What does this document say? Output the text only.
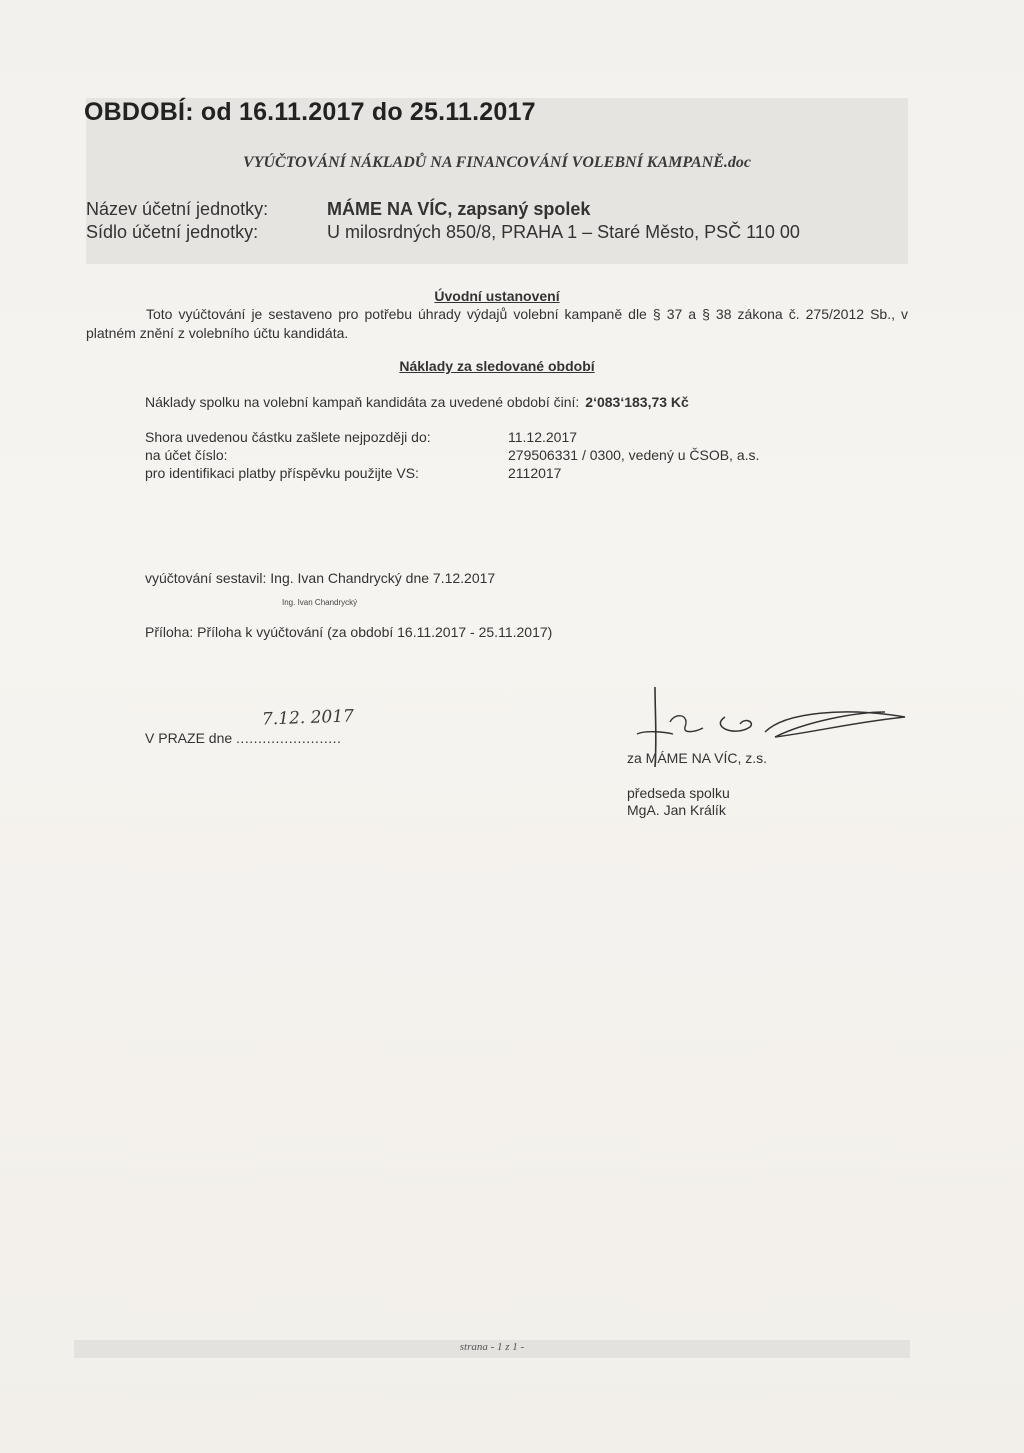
OBDOBÍ: od 16.11.2017 do 25.11.2017
VYÚČTOVÁNÍ NÁKLADŮ NA FINANCOVÁNÍ VOLEBNÍ KAMPANĚ.doc
Název účetní jednotky:	MÁME NA VÍC, zapsaný spolek
Sídlo účetní jednotky:	U milosrdných 850/8, PRAHA 1 – Staré Město, PSČ 110 00
Úvodní ustanovení
Toto vyúčtování je sestaveno pro potřebu úhrady výdajů volební kampaně dle § 37 a § 38 zákona č. 275/2012 Sb., v platném znění z volebního účtu kandidáta.
Náklady za sledované období
Náklady spolku na volební kampaň kandidáta za uvedené období činí: 2‘083‘183,73 Kč
Shora uvedenou částku zašlete nejpozději do:	11.12.2017
na účet číslo:	279506331 / 0300, vedený u ČSOB, a.s.
pro identifikaci platby příspěvku použijte VS:	2112017
vyúčtování sestavil: Ing. Ivan Chandrycký dne 7.12.2017
Ing. Ivan Chandrycký
Příloha: Příloha k vyúčtování (za období 16.11.2017 - 25.11.2017)
7.12. 2017
V PRAZE dne ........................
za MÁME NA VÍC, z.s.
předseda spolku
MgA. Jan Králík
strana - 1 z 1 -
